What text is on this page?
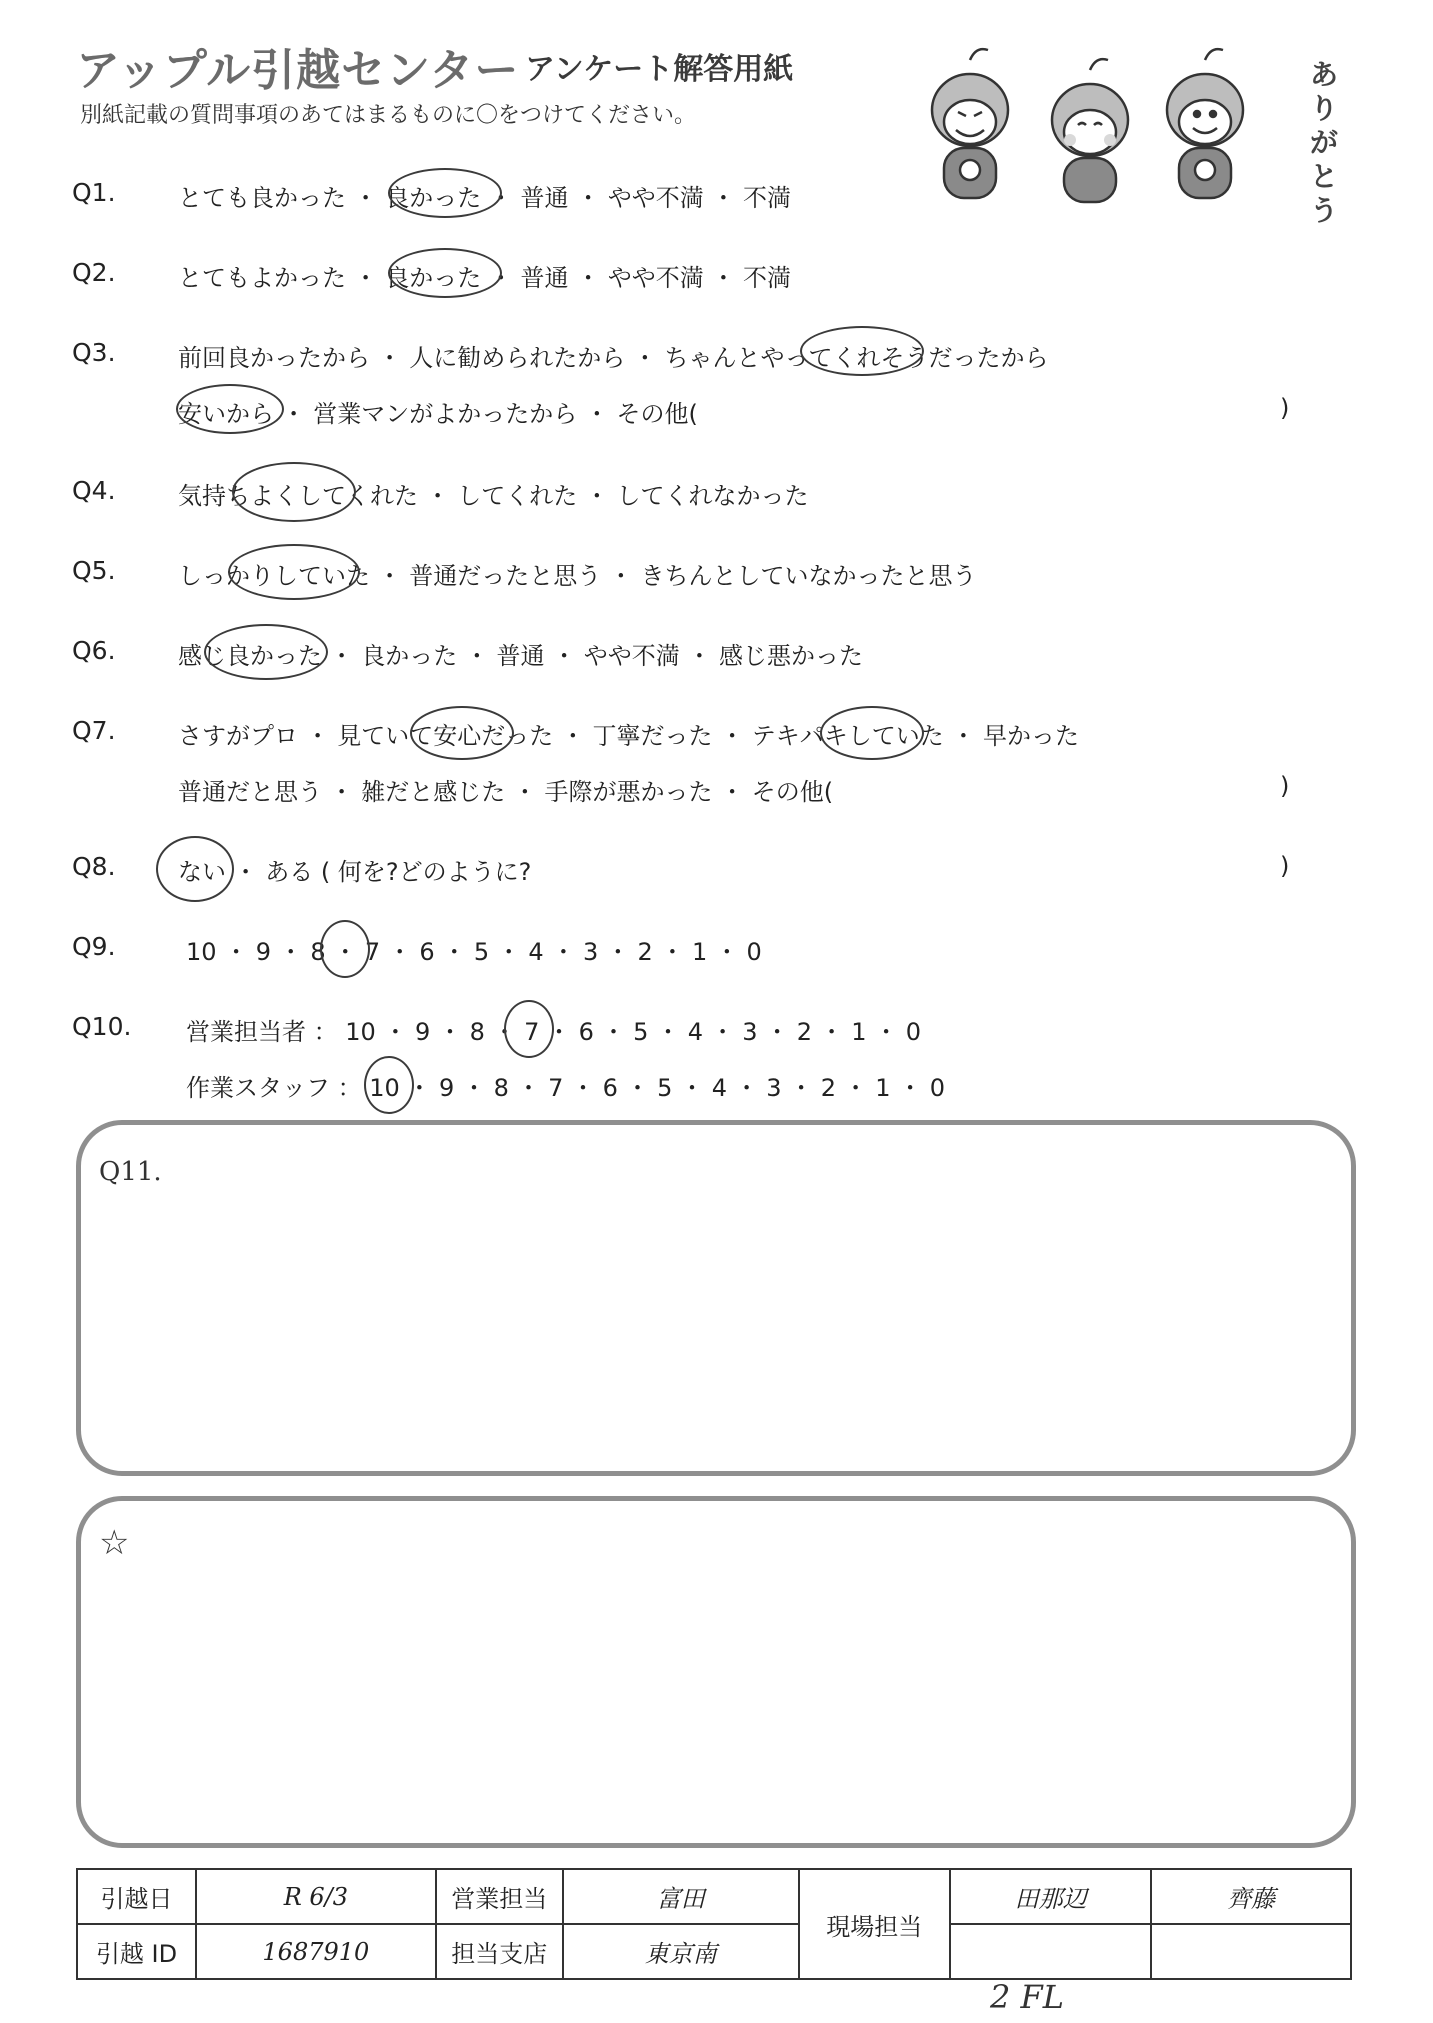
アップル引越センター アンケート解答用紙
別紙記載の質問事項のあてはまるものに〇をつけてください。
ありがとう
Q1.	とても良かった ・ 良かった ・ 普通 ・ やや不満 ・ 不満
Q2.	とてもよかった ・ 良かった ・ 普通 ・ やや不満 ・ 不満
Q3.	前回良かったから ・ 人に勧められたから ・ ちゃんとやってくれそうだったから
安いから ・ 営業マンがよかったから ・ その他(	)
Q4.	気持ちよくしてくれた ・ してくれた ・ してくれなかった
Q5.	しっかりしていた ・ 普通だったと思う ・ きちんとしていなかったと思う
Q6.	感じ良かった ・ 良かった ・ 普通 ・ やや不満 ・ 感じ悪かった
Q7.	さすがプロ ・ 見ていて安心だった ・ 丁寧だった ・ テキパキしていた ・ 早かった
普通だと思う ・ 雑だと感じた ・ 手際が悪かった ・ その他(	)
Q8.	ない ・ ある ( 何を?どのように?	)
Q9.	10 ・ 9 ・ 8 ・ 7 ・ 6 ・ 5 ・ 4 ・ 3 ・ 2 ・ 1 ・ 0
Q10. 営業担当者 ： 10 ・ 9 ・ 8 ・ 7 ・ 6 ・ 5 ・ 4 ・ 3 ・ 2 ・ 1 ・ 0
作業スタッフ ： 10 ・ 9 ・ 8 ・ 7 ・ 6 ・ 5 ・ 4 ・ 3 ・ 2 ・ 1 ・ 0
Q11.
☆
引越日	R 6/3	営業担当	富田	現場担当	田那辺	齊藤
引越 ID	1687910	担当支店	東京南			
2 FL
